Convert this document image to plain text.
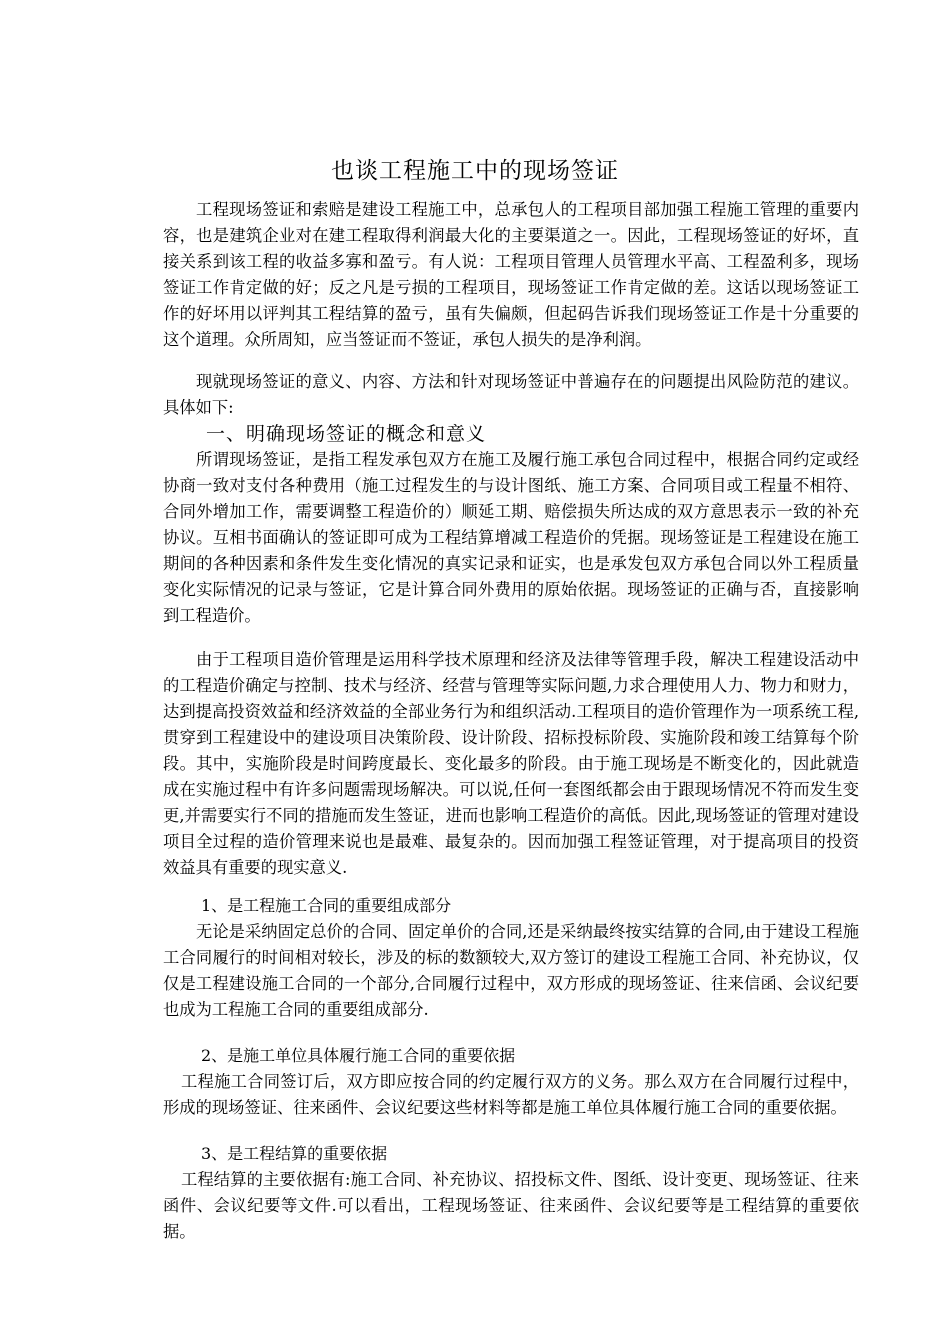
也谈工程施工中的现场签证

工程现场签证和索赔是建设工程施工中，总承包人的工程项目部加强工程施工管理的重要内容，也是建筑企业对在建工程取得利润最大化的主要渠道之一。因此，工程现场签证的好坏，直接关系到该工程的收益多寡和盈亏。有人说：工程项目管理人员管理水平高、工程盈利多，现场签证工作肯定做的好；反之凡是亏损的工程项目，现场签证工作肯定做的差。这话以现场签证工作的好坏用以评判其工程结算的盈亏，虽有失偏颇，但起码告诉我们现场签证工作是十分重要的这个道理。众所周知，应当签证而不签证，承包人损失的是净利润。

现就现场签证的意义、内容、方法和针对现场签证中普遍存在的问题提出风险防范的建议。具体如下:

一、明确现场签证的概念和意义

所谓现场签证，是指工程发承包双方在施工及履行施工承包合同过程中，根据合同约定或经协商一致对支付各种费用（施工过程发生的与设计图纸、施工方案、合同项目或工程量不相符、合同外增加工作，需要调整工程造价的）顺延工期、赔偿损失所达成的双方意思表示一致的补充协议。互相书面确认的签证即可成为工程结算增减工程造价的凭据。现场签证是工程建设在施工期间的各种因素和条件发生变化情况的真实记录和证实，也是承发包双方承包合同以外工程质量变化实际情况的记录与签证，它是计算合同外费用的原始依据。现场签证的正确与否，直接影响到工程造价。

由于工程项目造价管理是运用科学技术原理和经济及法律等管理手段，解决工程建设活动中的工程造价确定与控制、技术与经济、经营与管理等实际问题,力求合理使用人力、物力和财力，达到提高投资效益和经济效益的全部业务行为和组织活动.工程项目的造价管理作为一项系统工程,贯穿到工程建设中的建设项目决策阶段、设计阶段、招标投标阶段、实施阶段和竣工结算每个阶段。其中，实施阶段是时间跨度最长、变化最多的阶段。由于施工现场是不断变化的，因此就造成在实施过程中有许多问题需现场解决。可以说,任何一套图纸都会由于跟现场情况不符而发生变更,并需要实行不同的措施而发生签证，进而也影响工程造价的高低。因此,现场签证的管理对建设项目全过程的造价管理来说也是最难、最复杂的。因而加强工程签证管理，对于提高项目的投资效益具有重要的现实意义.

1、是工程施工合同的重要组成部分

无论是采纳固定总价的合同、固定单价的合同,还是采纳最终按实结算的合同,由于建设工程施工合同履行的时间相对较长，涉及的标的数额较大,双方签订的建设工程施工合同、补充协议，仅仅是工程建设施工合同的一个部分,合同履行过程中，双方形成的现场签证、往来信函、会议纪要也成为工程施工合同的重要组成部分.

2、是施工单位具体履行施工合同的重要依据

工程施工合同签订后，双方即应按合同的约定履行双方的义务。那么双方在合同履行过程中，形成的现场签证、往来函件、会议纪要这些材料等都是施工单位具体履行施工合同的重要依据。

3、是工程结算的重要依据

工程结算的主要依据有:施工合同、补充协议、招投标文件、图纸、设计变更、现场签证、往来函件、会议纪要等文件.可以看出，工程现场签证、往来函件、会议纪要等是工程结算的重要依据。
